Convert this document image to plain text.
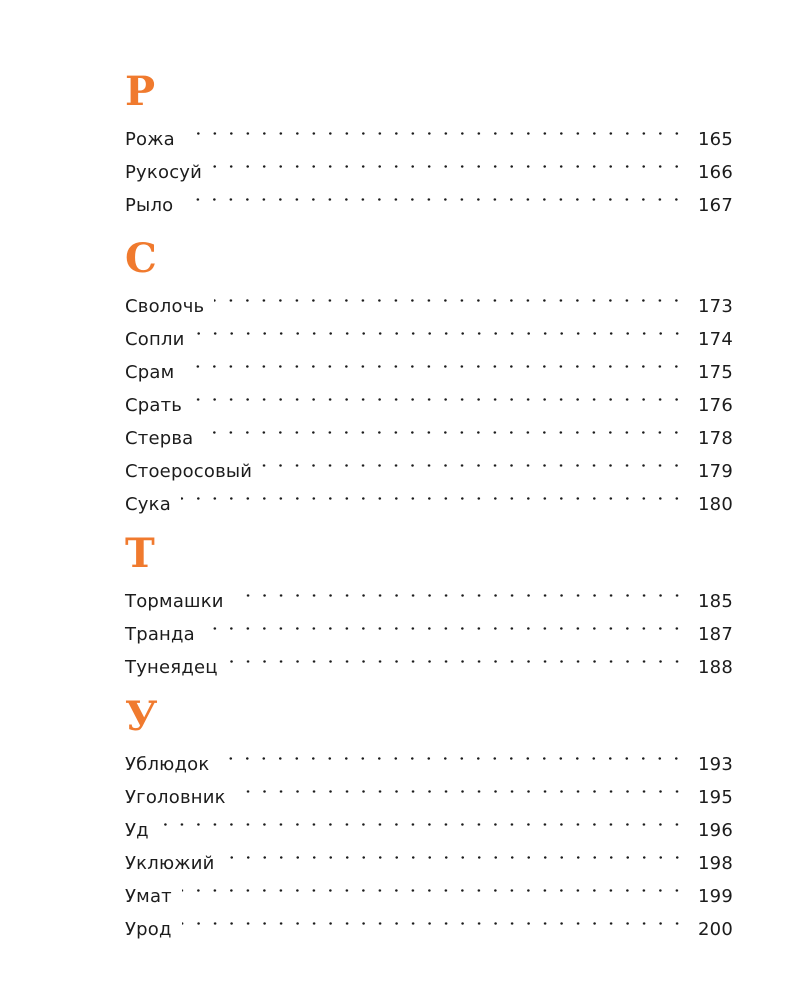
Р
Рожа	165
Рукосуй	166
Рыло	167
С
Сволочь	173
Сопли	174
Срам	175
Срать	176
Стерва	178
Стоеросовый	179
Сука	180
Т
Тормашки	185
Транда	187
Тунеядец	188
У
Ублюдок	193
Уголовник	195
Уд	196
Уклюжий	198
Умат	199
Урод	200
